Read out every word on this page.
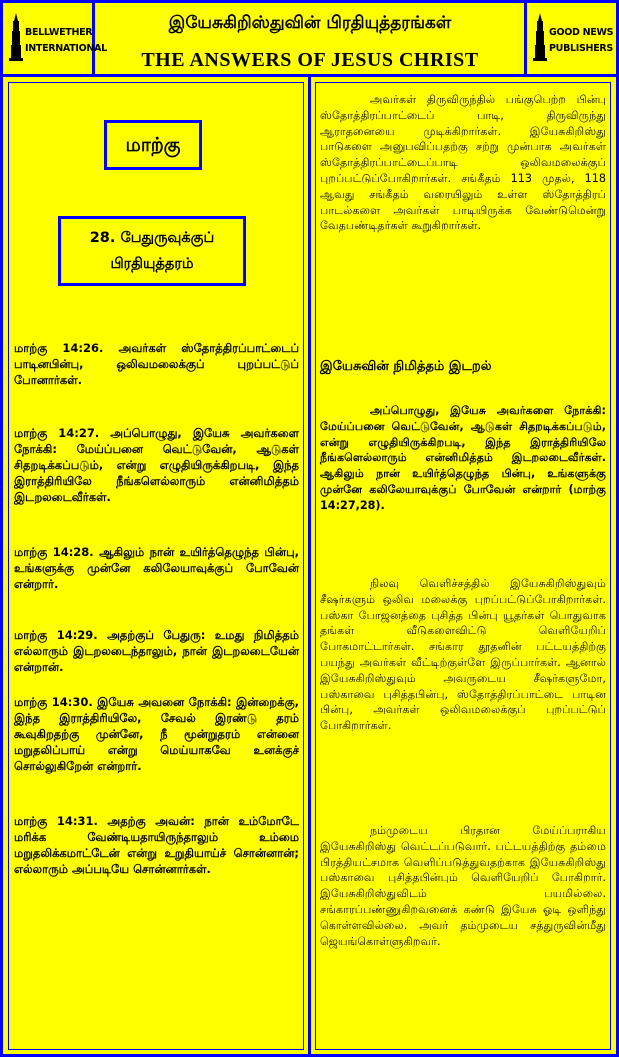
BELLWETHER
INTERNATIONAL
இயேசுகிறிஸ்துவின் பிரதியுத்தரங்கள்
THE ANSWERS OF JESUS CHRIST
GOOD NEWS
PUBLISHERS
மாற்கு
28. பேதுருவுக்குப்
பிரதியுத்தரம்
மாற்கு 14:26. அவர்கள் ஸ்தோத்திரப்பாட்டைப் பாடினபின்பு, ஒலிவமலைக்குப் புறப்பட்டுப் போனார்கள்.
மாற்கு 14:27. அப்பொழுது, இயேசு அவர்களை நோக்கி: மேய்ப்பனை வெட்டுவேன், ஆடுகள் சிதறடிக்கப்படும், என்று எழுதியிருக்கிறபடி, இந்த இராத்திரியிலே நீங்களெல்லாரும் என்னிமித்தம் இடறலடைவீர்கள்.
மாற்கு 14:28. ஆகிலும் நான் உயிர்த்தெழுந்த பின்பு, உங்களுக்கு முன்னே கலிலேயாவுக்குப் போவேன் என்றார்.
மாற்கு 14:29. அதற்குப் பேதுரு: உமது நிமித்தம் எல்லாரும் இடறலடைந்தாலும், நான் இடறலடையேன் என்றான்.
மாற்கு 14:30. இயேசு அவனை நோக்கி: இன்றைக்கு, இந்த இராத்திரியிலே, சேவல் இரண்டு தரம் கூவுகிறதற்கு முன்னே, நீ மூன்றுதரம் என்னை மறுதலிப்பாய் என்று மெய்யாகவே உனக்குச் சொல்லுகிறேன் என்றார்.
மாற்கு 14:31. அதற்கு அவன்: நான் உம்மோடே மரிக்க வேண்டியதாயிருந்தாலும் உம்மை மறுதலிக்கமாட்டேன் என்று உறுதியாய்ச் சொன்னான்; எல்லாரும் அப்படியே சொன்னார்கள்.
அவர்கள் திருவிருந்தில் பங்குபெற்ற பின்பு ஸ்தோத்திரப்பாட்டைப் பாடி, திருவிருந்து ஆராதனையை முடிக்கிறார்கள். இயேசுகிறிஸ்து பாடுகளை அனுபவிப்பதற்கு சற்று முன்பாக அவர்கள் ஸ்தோத்திரப்பாட்டைப்பாடி ஒலிவமலைக்குப் புறப்பட்டுப்போகிறார்கள். சங்கீதம் 113 முதல், 118 ஆவது சங்கீதம் வரையிலும் உள்ள ஸ்தோத்திரப் பாடல்களை அவர்கள் பாடியிருக்க வேண்டுமென்று வேதபண்டிதர்கள் கூறுகிறார்கள்.
இயேசுவின் நிமித்தம் இடறல்
அப்பொழுது, இயேசு அவர்களை நோக்கி: மேய்ப்பனை வெட்டுவேன், ஆடுகள் சிதறடிக்கப்படும், என்று எழுதியிருக்கிறபடி, இந்த இராத்திரியிலே நீங்களெல்லாரும் என்னிமித்தம் இடறலடைவீர்கள். ஆகிலும் நான் உயிர்த்தெழுந்த பின்பு, உங்களுக்கு முன்னே கலிலேயாவுக்குப் போவேன் என்றார் (மாற்கு 14:27,28).
நிலவு வெளிச்சத்தில் இயேசுகிறிஸ்துவும் சீஷர்களும் ஒலிவ மலைக்கு புறப்பட்டுப்போகிறார்கள். பஸ்கா போஜனத்தை புசித்த பின்பு யூதர்கள் பொதுவாக தங்கள் வீடுகளைவிட்டு வெளியேறிப் போகமாட்டார்கள். சங்கார தூதனின் பட்டயத்திற்கு பயந்து அவர்கள் வீட்டிற்குள்ளே இருப்பார்கள். ஆனால் இயேசுகிறிஸ்துவும் அவருடைய சீஷர்களுமோ, பஸ்காவை புசித்தபின்பு, ஸ்தோத்திரப்பாட்டை பாடின பின்பு, அவர்கள் ஒலிவமலைக்குப் புறப்பட்டுப் போகிறார்கள்.
நம்முடைய பிரதான மேய்ப்பராகிய இயேசுகிறிஸ்து வெட்டப்படுவார். பட்டயத்திற்கு தம்மை பிரத்தியட்சமாக வெளிப்படுத்துவதற்காக இயேசுகிறிஸ்து பஸ்காவை புசித்தபின்பும் வெளியேறிப் போகிறார். இயேசுகிறிஸ்துவிடம் பயமில்லை. சங்காரப்பண்ணுகிறவனைக் கண்டு இயேசு ஓடி ஒளிந்து கொள்ளவில்லை. அவர் தம்முடைய சத்துருவின்மீது ஜெயங்கொள்ளுகிறவர்.
